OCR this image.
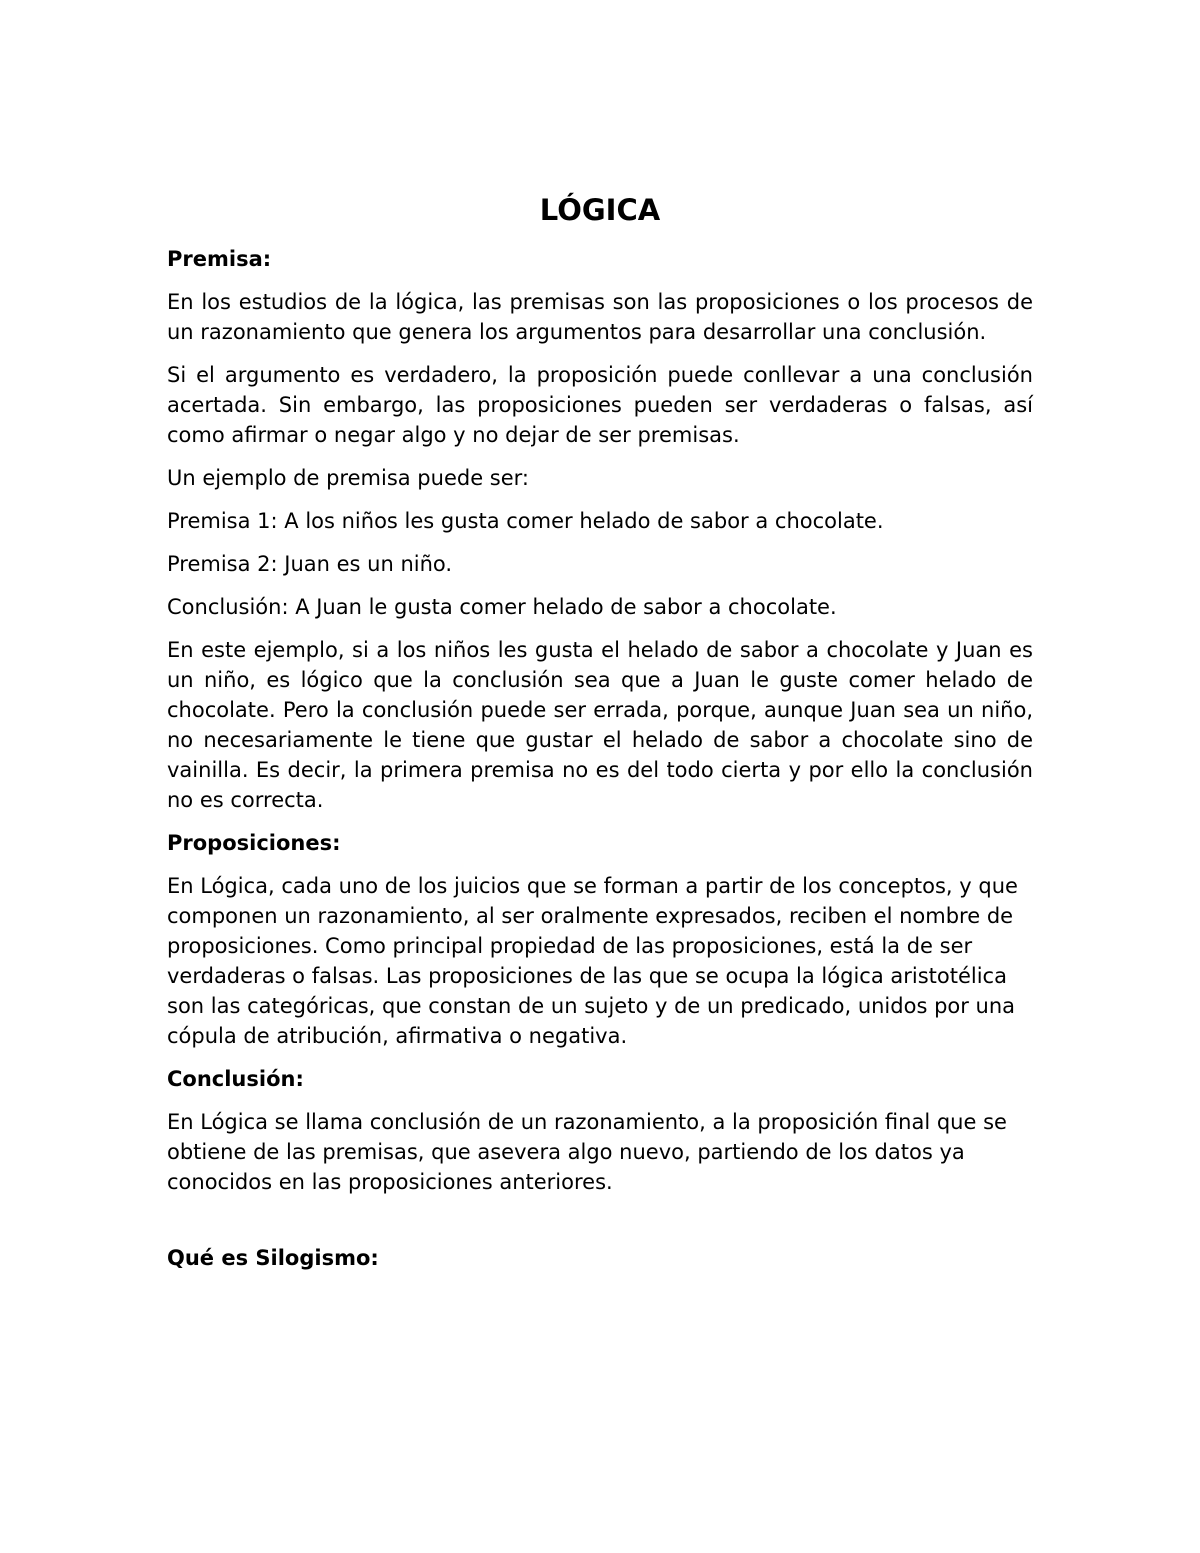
LÓGICA
Premisa:

En los estudios de la lógica, las premisas son las proposiciones o los procesos de un razonamiento que genera los argumentos para desarrollar una conclusión.

Si el argumento es verdadero, la proposición puede conllevar a una conclusión acertada. Sin embargo, las proposiciones pueden ser verdaderas o falsas, así como afirmar o negar algo y no dejar de ser premisas.

Un ejemplo de premisa puede ser:

Premisa 1: A los niños les gusta comer helado de sabor a chocolate.

Premisa 2: Juan es un niño.

Conclusión: A Juan le gusta comer helado de sabor a chocolate.

En este ejemplo, si a los niños les gusta el helado de sabor a chocolate y Juan es un niño, es lógico que la conclusión sea que a Juan le guste comer helado de chocolate. Pero la conclusión puede ser errada, porque, aunque Juan sea un niño, no necesariamente le tiene que gustar el helado de sabor a chocolate sino de vainilla. Es decir, la primera premisa no es del todo cierta y por ello la conclusión no es correcta.

Proposiciones:

En Lógica, cada uno de los juicios que se forman a partir de los conceptos, y que componen un razonamiento, al ser oralmente expresados, reciben el nombre de proposiciones. Como principal propiedad de las proposiciones, está la de ser verdaderas o falsas. Las proposiciones de las que se ocupa la lógica aristotélica son las categóricas, que constan de un sujeto y de un predicado, unidos por una cópula de atribución, afirmativa o negativa.

Conclusión:

En Lógica se llama conclusión de un razonamiento, a la proposición final que se obtiene de las premisas, que asevera algo nuevo, partiendo de los datos ya conocidos en las proposiciones anteriores.

Qué es Silogismo:
